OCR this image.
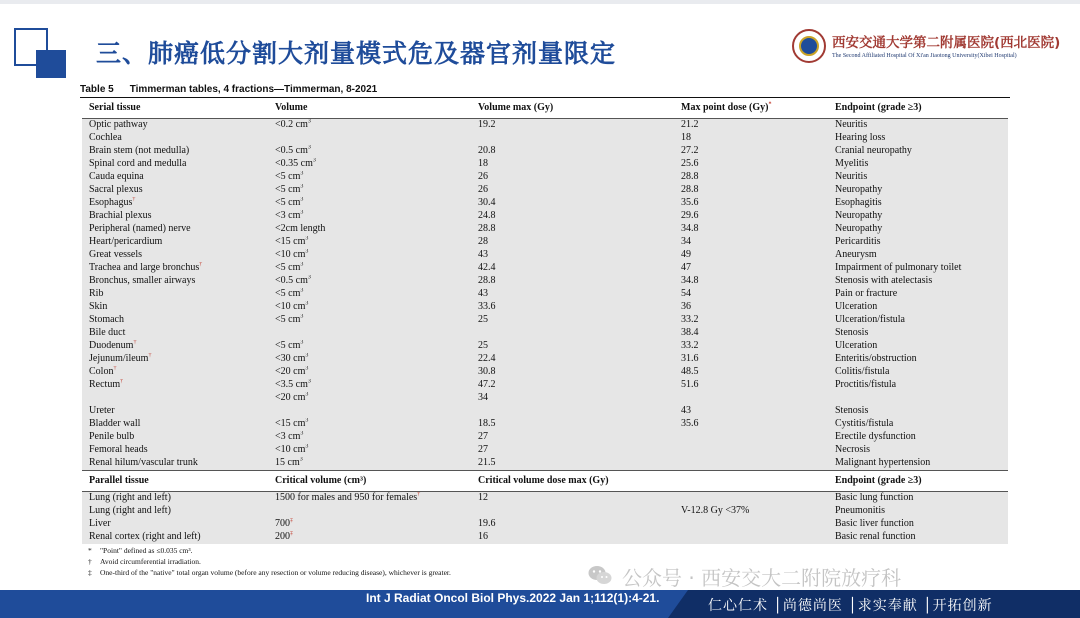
三、肺癌低分割大剂量模式危及器官剂量限定	西安交通大学第二附属医院(西北医院)
The Second Affiliated Hospital Of Xi'an Jiaotong University(Xibei Hospital)
Table 5 Timmerman tables, 4 fractions—Timmerman, 8-2021
Serial tissue	Volume	Volume max (Gy)	Max point dose (Gy)*	Endpoint (grade ≥3)
Optic pathway	<0.2 $cm^3$	19.2	21.2	Neuritis
Cochlea			18	Hearing loss
Brain stem (not medulla)	<0.5 $cm^3$	20.8	27.2	Cranial neuropathy
Spinal cord and medulla	<0.35 $cm^3$	18	25.6	Myelitis
Cauda equina	<5 $cm^3$	26	28.8	Neuritis
Sacral plexus	<5 $cm^3$	26	28.8	Neuropathy
Esophagus†	<5 $cm^3$	30.4	35.6	Esophagitis
Brachial plexus	<3 $cm^3$	24.8	29.6	Neuropathy
Peripheral (named) nerve	<2cm length	28.8	34.8	Neuropathy
Heart/pericardium	<15 $cm^3$	28	34	Pericarditis
Great vessels	<10 $cm^3$	43	49	Aneurysm
Trachea and large bronchus†	<5 $cm^3$	42.4	47	Impairment of pulmonary toilet
Bronchus, smaller airways	<0.5 $cm^3$	28.8	34.8	Stenosis with atelectasis
Rib	<5 $cm^3$	43	54	Pain or fracture
Skin	<10 $cm^3$	33.6	36	Ulceration
Stomach	<5 $cm^3$	25	33.2	Ulceration/fistula
Bile duct			38.4	Stenosis
Duodenum†	<5 $cm^3$	25	33.2	Ulceration
Jejunum/ileum†	<30 $cm^3$	22.4	31.6	Enteritis/obstruction
Colon†	<20 $cm^3$	30.8	48.5	Colitis/fistula
Rectum†	<3.5 $cm^3$	47.2	51.6	Proctitis/fistula
	<20 $cm^3$	34		
Ureter			43	Stenosis
Bladder wall	<15 $cm^3$	18.5	35.6	Cystitis/fistula
Penile bulb	<3 $cm^3$	27		Erectile dysfunction
Femoral heads	<10 $cm^3$	27		Necrosis
Renal hilum/vascular trunk	15 $cm^3$	21.5		Malignant hypertension
Parallel tissue	Critical volume (cm³)	Critical volume dose max (Gy)		Endpoint (grade ≥3)
Lung (right and left)	1500 for males and 950 for females†	12		Basic lung function
Lung (right and left)			V-12.8 Gy <37%	Pneumonitis
Liver	700‡	19.6		Basic liver function
Renal cortex (right and left)	200‡	16		Basic renal function
* "Point" defined as ≤0.035 cm³.
† Avoid circumferential irradiation.
‡ One-third of the "native" total organ volume (before any resection or volume reducing disease), whichever is greater.	公众号 · 西安交大二附院放疗科
Int J Radiat Oncol Biol Phys.2022 Jan 1;112(1):4-21.	仁心仁术 │尚德尚医 │求实奉献 │开拓创新
